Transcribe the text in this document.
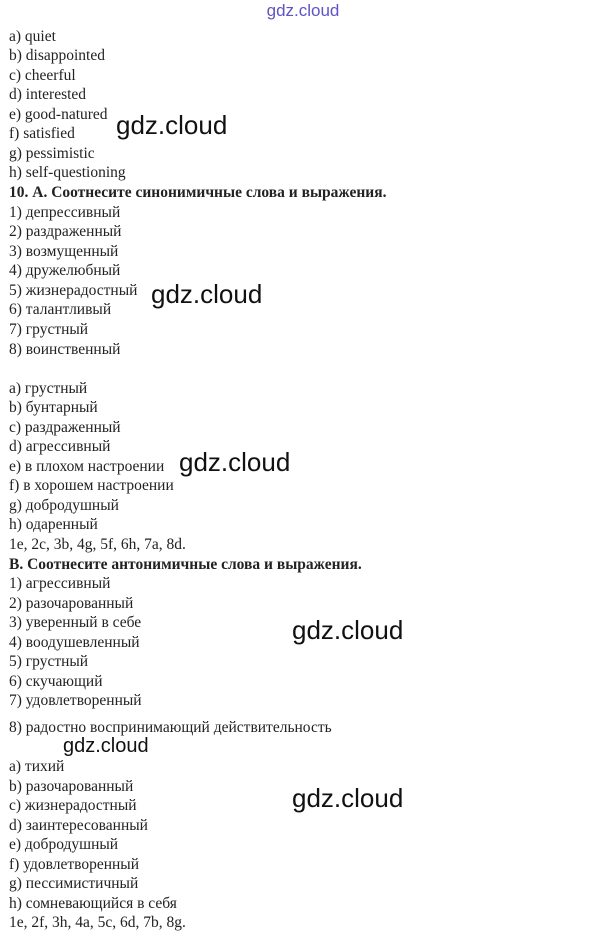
gdz.cloud
a) quiet
b) disappointed
c) cheerful
d) interested
e) good-natured
f) satisfied
g) pessimistic
h) self-questioning
10. А. Соотнесите синонимичные слова и выражения.
1) депрессивный
2) раздраженный
3) возмущенный
4) дружелюбный
5) жизнерадостный
6) талантливый
7) грустный
8) воинственный
a) грустный
b) бунтарный
c) раздраженный
d) агрессивный
e) в плохом настроении
f) в хорошем настроении
g) добродушный
h) одаренный
1e, 2c, 3b, 4g, 5f, 6h, 7a, 8d.
B. Соотнесите антонимичные слова и выражения.
1) агрессивный
2) разочарованный
3) уверенный в себе
4) воодушевленный
5) грустный
6) скучающий
7) удовлетворенный
8) радостно воспринимающий действительность
a) тихий
b) разочарованный
c) жизнерадостный
d) заинтересованный
e) добродушный
f) удовлетворенный
g) пессимистичный
h) сомневающийся в себя
1e, 2f, 3h, 4a, 5c, 6d, 7b, 8g.
gdz.cloud
gdz.cloud
gdz.cloud
gdz.cloud
gdz.cloud
gdz.cloud
